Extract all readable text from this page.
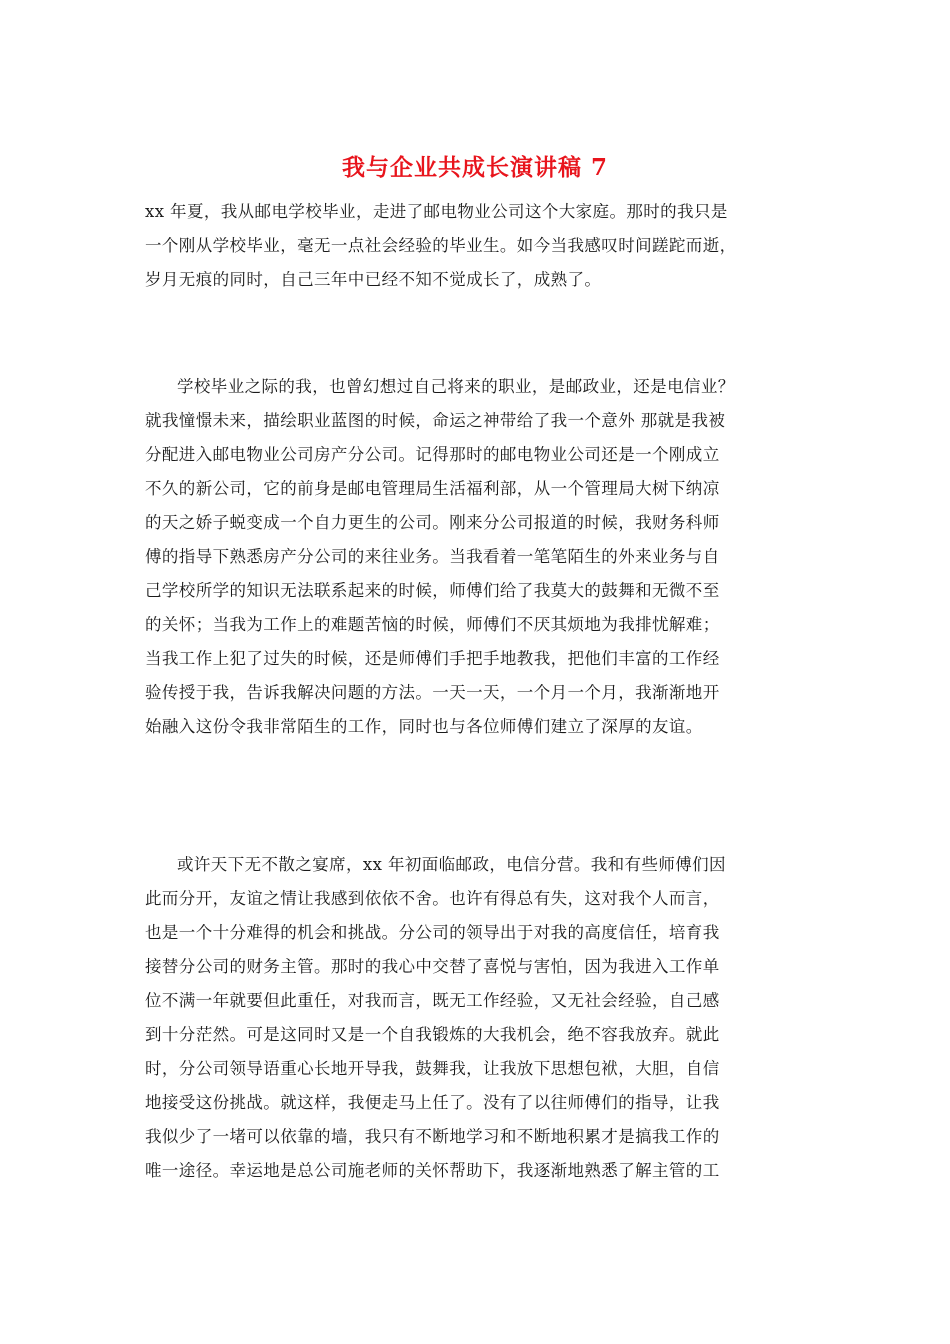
我与企业共成长演讲稿 7
xx 年夏，我从邮电学校毕业，走进了邮电物业公司这个大家庭。那时的我只是
一个刚从学校毕业，毫无一点社会经验的毕业生。如今当我感叹时间蹉跎而逝，
岁月无痕的同时，自己三年中已经不知不觉成长了，成熟了。
学校毕业之际的我，也曾幻想过自己将来的职业，是邮政业，还是电信业？
就我憧憬未来，描绘职业蓝图的时候，命运之神带给了我一个意外 那就是我被
分配进入邮电物业公司房产分公司。记得那时的邮电物业公司还是一个刚成立
不久的新公司，它的前身是邮电管理局生活福利部，从一个管理局大树下纳凉
的天之娇子蜕变成一个自力更生的公司。刚来分公司报道的时候，我财务科师
傅的指导下熟悉房产分公司的来往业务。当我看着一笔笔陌生的外来业务与自
己学校所学的知识无法联系起来的时候，师傅们给了我莫大的鼓舞和无微不至
的关怀；当我为工作上的难题苦恼的时候，师傅们不厌其烦地为我排忧解难；
当我工作上犯了过失的时候，还是师傅们手把手地教我，把他们丰富的工作经
验传授于我，告诉我解决问题的方法。一天一天，一个月一个月，我渐渐地开
始融入这份令我非常陌生的工作，同时也与各位师傅们建立了深厚的友谊。
或许天下无不散之宴席，xx 年初面临邮政，电信分营。我和有些师傅们因
此而分开，友谊之情让我感到依依不舍。也许有得总有失，这对我个人而言，
也是一个十分难得的机会和挑战。分公司的领导出于对我的高度信任，培育我
接替分公司的财务主管。那时的我心中交替了喜悦与害怕，因为我进入工作单
位不满一年就要但此重任，对我而言，既无工作经验，又无社会经验，自己感
到十分茫然。可是这同时又是一个自我锻炼的大我机会，绝不容我放弃。就此
时，分公司领导语重心长地开导我，鼓舞我，让我放下思想包袱，大胆，自信
地接受这份挑战。就这样，我便走马上任了。没有了以往师傅们的指导，让我
我似少了一堵可以依靠的墙，我只有不断地学习和不断地积累才是搞我工作的
唯一途径。幸运地是总公司施老师的关怀帮助下，我逐渐地熟悉了解主管的工
